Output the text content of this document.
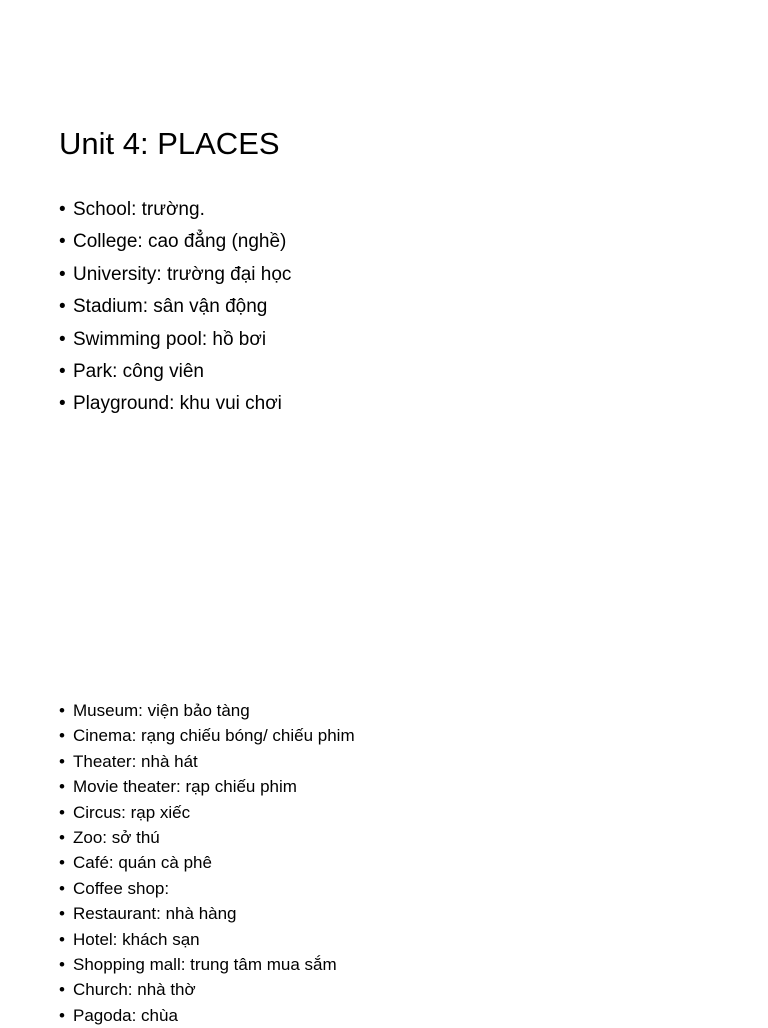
Unit 4: PLACES
• School: trường.
• College: cao đẳng (nghề)
• University: trường đại học
• Stadium: sân vận động
• Swimming pool: hồ bơi
• Park: công viên
• Playground: khu vui chơi
• Museum: viện bảo tàng
• Cinema: rạng chiếu bóng/ chiếu phim
• Theater: nhà hát
• Movie theater: rạp chiếu phim
• Circus: rạp xiếc
• Zoo: sở thú
• Café: quán cà phê
• Coffee shop:
• Restaurant: nhà hàng
• Hotel: khách sạn
• Shopping mall: trung tâm mua sắm
• Church: nhà thờ
• Pagoda: chùa
